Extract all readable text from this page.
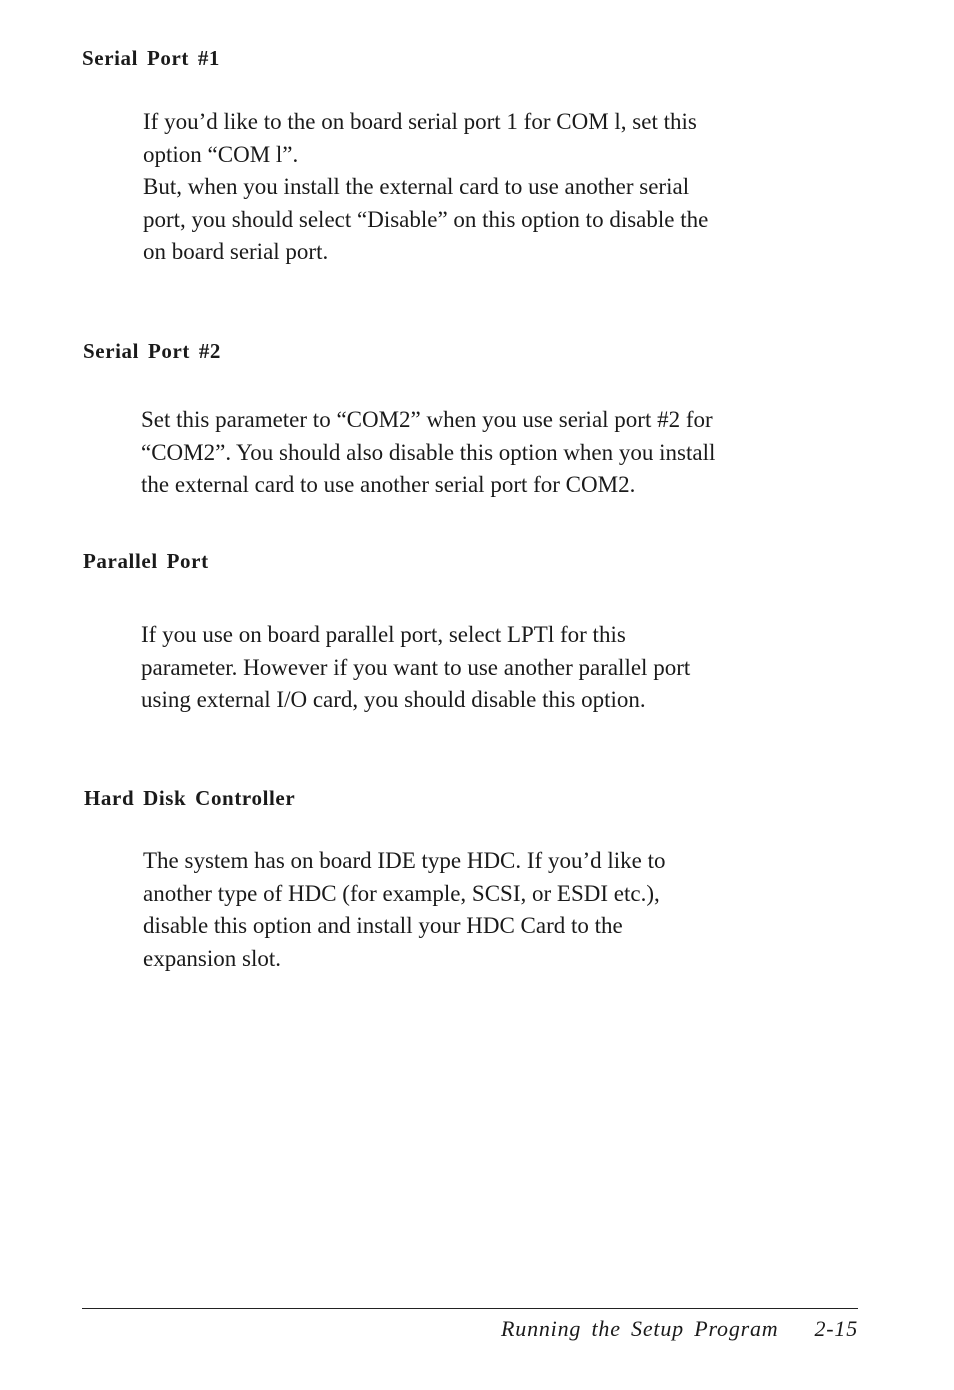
Serial Port #1
If you’d like to the on board serial port 1 for COM l, set this
option “COM l”.
But, when you install the external card to use another serial
port, you should select “Disable” on this option to disable the
on board serial port.
Serial Port #2
Set this parameter to “COM2” when you use serial port #2 for
“COM2”. You should also disable this option when you install
the external card to use another serial port for COM2.
Parallel Port
If you use on board parallel port, select LPTl for this
parameter. However if you want to use another parallel port
using external I/O card, you should disable this option.
Hard Disk Controller
The system has on board IDE type HDC. If you’d like to
another type of HDC (for example, SCSI, or ESDI etc.),
disable this option and install your HDC Card to the
expansion slot.
Running the Setup Program 2-15
